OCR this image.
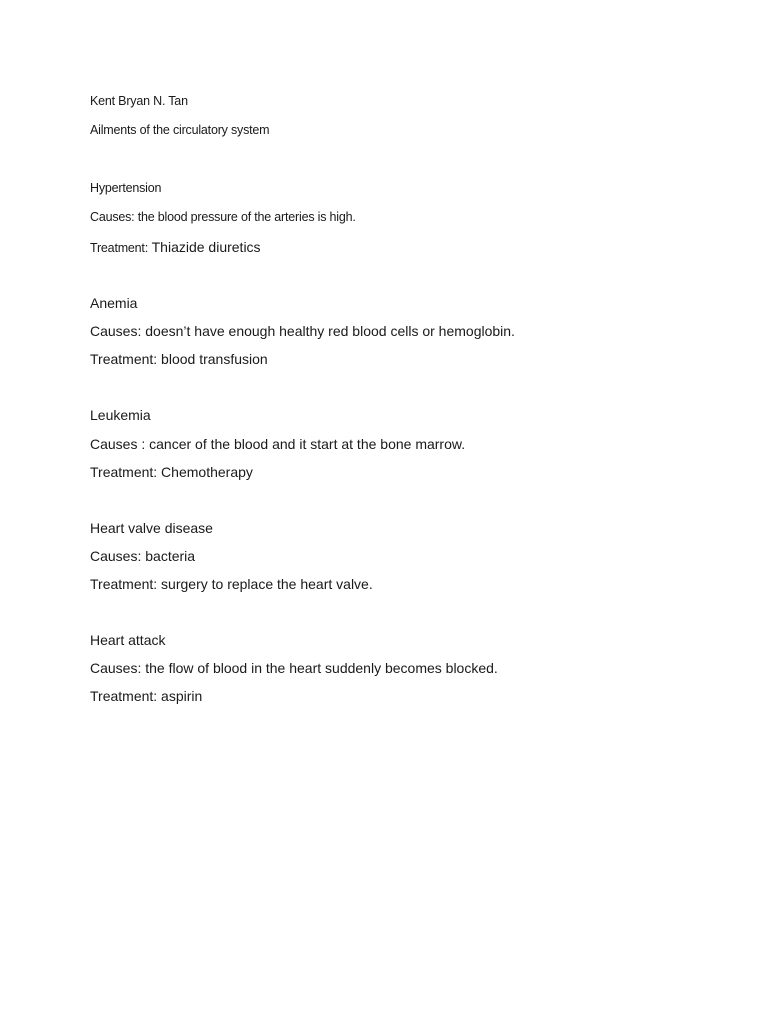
Kent Bryan N. Tan
Ailments of the circulatory system
Hypertension
Causes: the blood pressure of the arteries is high.
Treatment: Thiazide diuretics
Anemia
Causes: doesn’t have enough healthy red blood cells or hemoglobin.
Treatment: blood transfusion
Leukemia
Causes : cancer of the blood and it start at the bone marrow.
Treatment: Chemotherapy
Heart valve disease
Causes: bacteria
Treatment: surgery to replace the heart valve.
Heart attack
Causes: the flow of blood in the heart suddenly becomes blocked.
Treatment: aspirin
